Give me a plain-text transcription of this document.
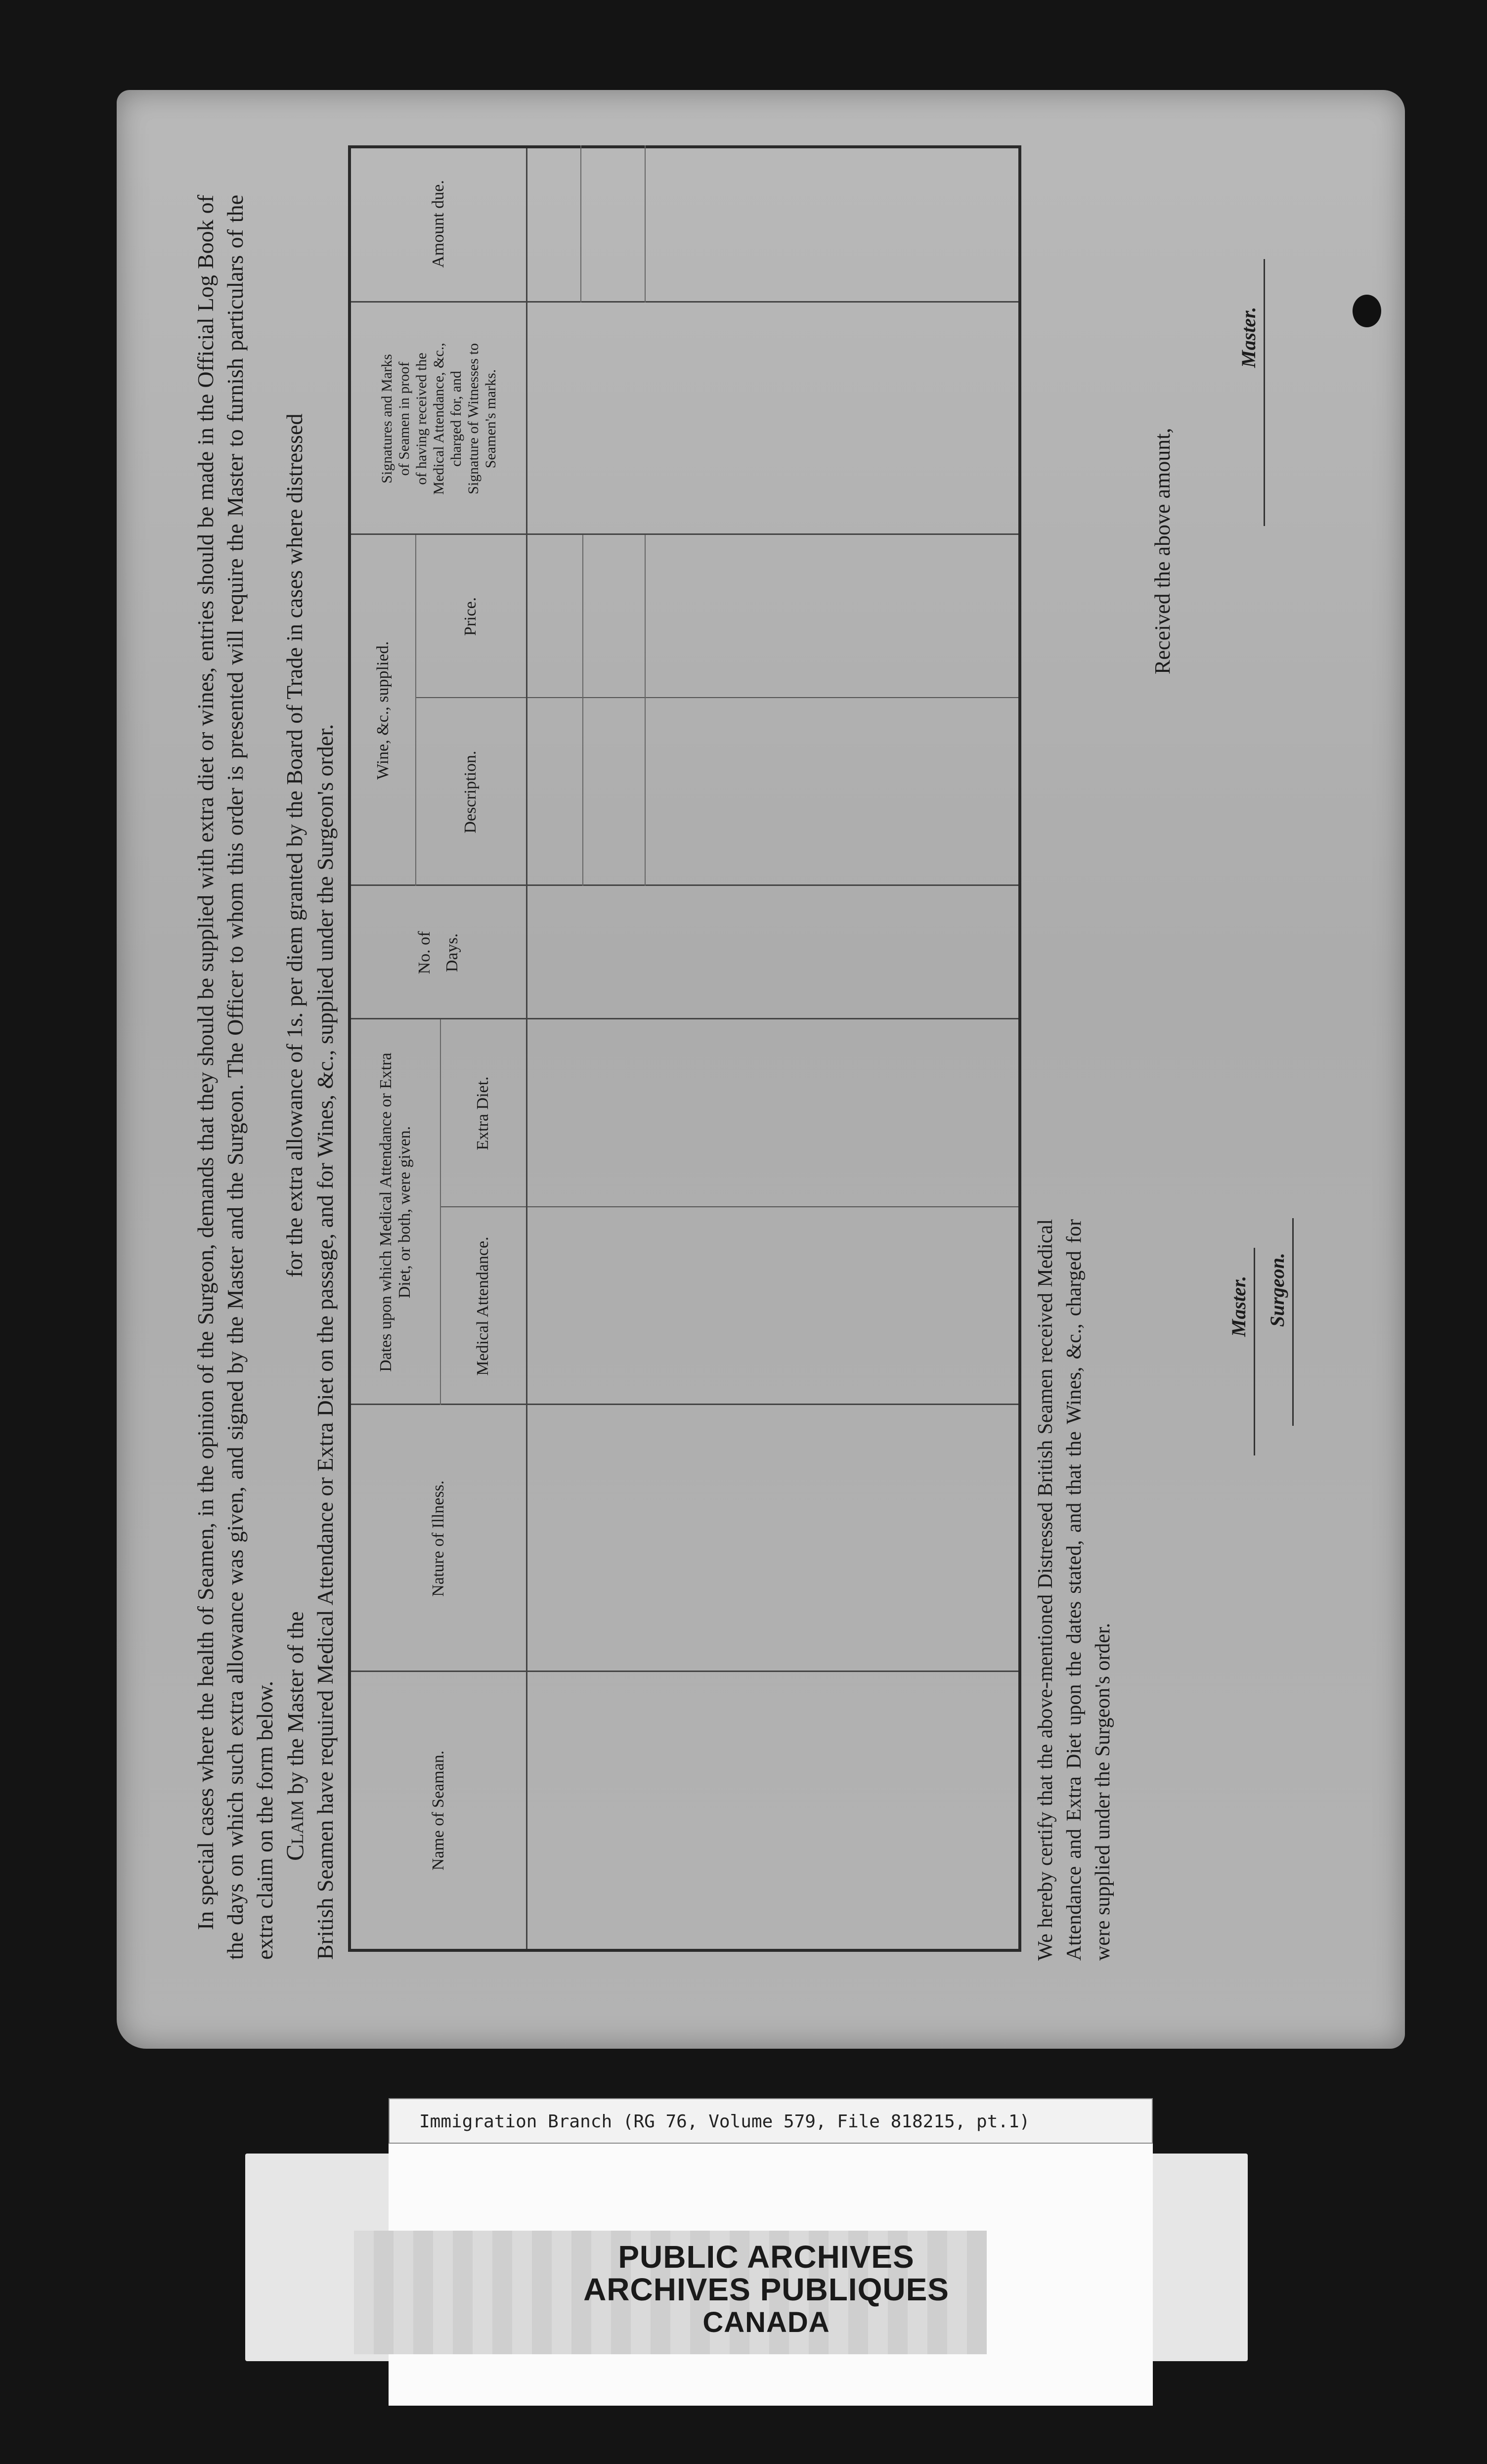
In special cases where the health of Seamen, in the opinion of the Surgeon, demands that they should be supplied with extra diet or wines, entries should be made in the Official Log Book of the days on which such extra allowance was given, and signed by the Master and the Surgeon. The Officer to whom this order is presented will require the Master to furnish particulars of the extra claim on the form below. Claim by the Master of the
for the extra allowance of 1s. per diem granted by the Board of Trade in cases where distressed British Seamen have required Medical Attendance or Extra Diet on the passage, and for Wines, &c., supplied under the Surgeon's order.	Name of Seaman.
Nature of Illness.
Dates upon which Medical Attendance or Extra Diet, or both, were given.
Medical Attendance.
Extra Diet.
No. of Days.
Wine, &c., supplied.
Description.
Price.
Signatures and Marks of Seamen in proof of having received the Medical Attendance, &c., charged for, and Signature of Witnesses to Seamen's marks.
Amount due.

We hereby certify that the above-mentioned Distressed British Seamen received Medical Attendance and Extra Diet upon the dates stated, and that the Wines, &c., charged for were supplied under the Surgeon's order.

Master. Surgeon.
Received the above amount,
Master.
Immigration Branch (RG 76, Volume 579, File 818215, pt.1)
PUBLIC ARCHIVES
ARCHIVES PUBLIQUES
CANADA
